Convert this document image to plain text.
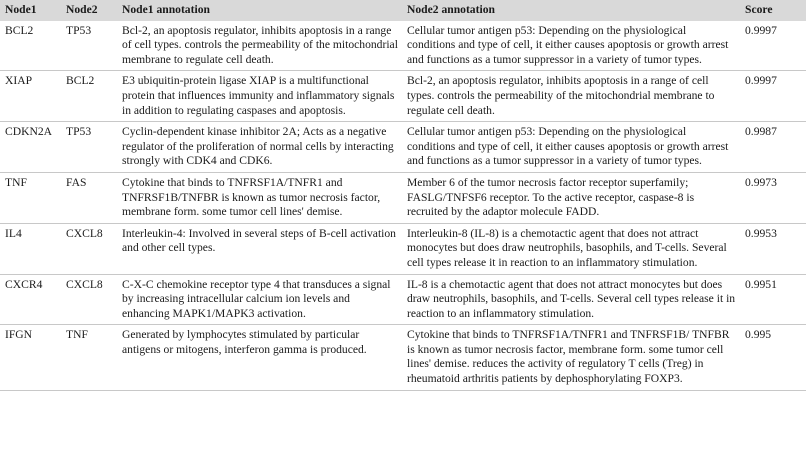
Node1	Node2	Node1 annotation	Node2 annotation	Score
BCL2	TP53	Bcl-2, an apoptosis regulator, inhibits apoptosis in a range of cell types. controls the permeability of the mitochondrial membrane to regulate cell death.	Cellular tumor antigen p53: Depending on the physiological conditions and type of cell, it either causes apoptosis or growth arrest and functions as a tumor suppressor in a variety of tumor types.	0.9997
XIAP	BCL2	E3 ubiquitin-protein ligase XIAP is a multifunctional protein that influences immunity and inflammatory signals in addition to regulating caspases and apoptosis.	Bcl-2, an apoptosis regulator, inhibits apoptosis in a range of cell types. controls the permeability of the mitochondrial membrane to regulate cell death.	0.9997
CDKN2A	TP53	Cyclin-dependent kinase inhibitor 2A; Acts as a negative regulator of the proliferation of normal cells by interacting strongly with CDK4 and CDK6.	Cellular tumor antigen p53: Depending on the physiological conditions and type of cell, it either causes apoptosis or growth arrest and functions as a tumor suppressor in a variety of tumor types.	0.9987
TNF	FAS	Cytokine that binds to TNFRSF1A/TNFR1 and TNFRSF1B/TNFBR is known as tumor necrosis factor, membrane form. some tumor cell lines' demise.	Member 6 of the tumor necrosis factor receptor superfamily; FASLG/TNFSF6 receptor. To the active receptor, caspase-8 is recruited by the adaptor molecule FADD.	0.9973
IL4	CXCL8	Interleukin-4: Involved in several steps of B-cell activation and other cell types.	Interleukin-8 (IL-8) is a chemotactic agent that does not attract monocytes but does draw neutrophils, basophils, and T-cells. Several cell types release it in reaction to an inflammatory stimulation.	0.9953
CXCR4	CXCL8	C-X-C chemokine receptor type 4 that transduces a signal by increasing intracellular calcium ion levels and enhancing MAPK1/MAPK3 activation.	IL-8 is a chemotactic agent that does not attract monocytes but does draw neutrophils, basophils, and T-cells. Several cell types release it in reaction to an inflammatory stimulation.	0.9951
IFGN	TNF	Generated by lymphocytes stimulated by particular antigens or mitogens, interferon gamma is produced.	Cytokine that binds to TNFRSF1A/TNFR1 and TNFRSF1B/ TNFBR is known as tumor necrosis factor, membrane form. some tumor cell lines' demise. reduces the activity of regulatory T cells (Treg) in rheumatoid arthritis patients by dephosphorylating FOXP3.	0.995
